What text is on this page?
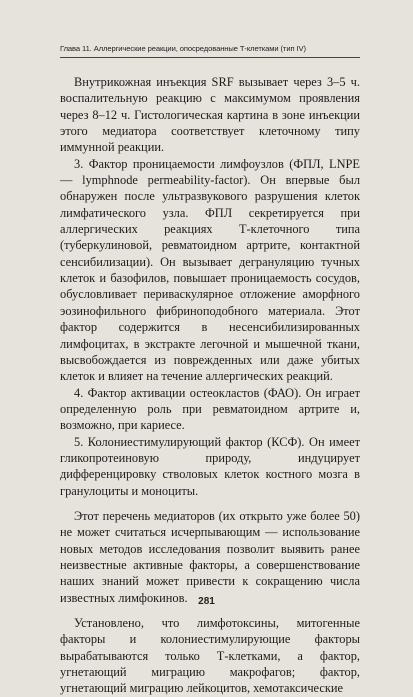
Глава 11. Аллергические реакции, опосредованные Т-клетками (тип IV)

Внутрикожная инъекция SRF вызывает через 3–5 ч. воспалительную реакцию с максимумом проявления через 8–12 ч. Гистологическая картина в зоне инъекции этого медиатора соответствует клеточному типу иммунной реакции.

3. Фактор проницаемости лимфоузлов (ФПЛ, LNPE — lymphnode permeability-factor). Он впервые был обнаружен после ультразвукового разрушения клеток лимфатического узла. ФПЛ секретируется при аллергических реакциях Т-клеточного типа (туберкулиновой, ревматоидном артрите, контактной сенсибилизации). Он вызывает дегрануляцию тучных клеток и базофилов, повышает проницаемость сосудов, обусловливает периваскулярное отложение аморфного эозинофильного фибриноподобного материала. Этот фактор содержится в несенсибилизированных лимфоцитах, в экстракте легочной и мышечной ткани, высвобождается из поврежденных или даже убитых клеток и влияет на течение аллергических реакций.

4. Фактор активации остеокластов (ФАО). Он играет определенную роль при ревматоидном артрите и, возможно, при кариесе.

5. Колониестимулирующий фактор (КСФ). Он имеет гликопротеиновую природу, индуцирует дифференцировку стволовых клеток костного мозга в гранулоциты и моноциты.

Этот перечень медиаторов (их открыто уже более 50) не может считаться исчерпывающим — использование новых методов исследования позволит выявить ранее неизвестные активные факторы, а совершенствование наших знаний может привести к сокращению числа известных лимфокинов.

Установлено, что лимфотоксины, митогенные факторы и колониестимулирующие факторы вырабатываются только Т-клетками, а фактор, угнетающий миграцию макрофагов; фактор, угнетающий миграцию лейкоцитов, хемотаксические

281
